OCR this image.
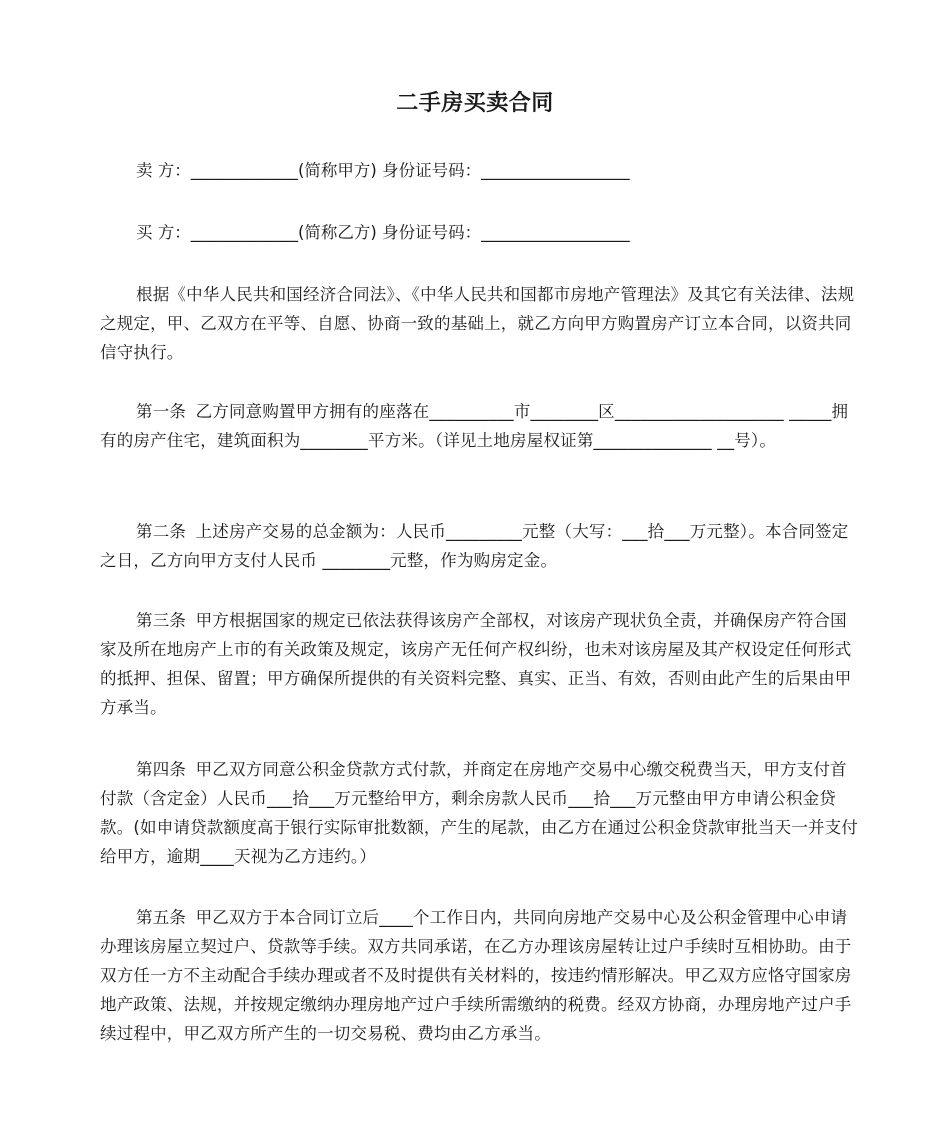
二手房买卖合同

卖 方：_____________(简称甲方) 身份证号码：__________________

买 方：_____________(简称乙方) 身份证号码：__________________

根据《中华人民共和国经济合同法》、《中华人民共和国都市房地产管理法》及其它有关法律、法规之规定，甲、乙双方在平等、自愿、协商一致的基础上，就乙方向甲方购置房产订立本合同，以资共同信守执行。

第一条 乙方同意购置甲方拥有的座落在__________市________区____________________ _____拥有的房产住宅，建筑面积为________平方米。（详见土地房屋权证第______________ __号）。

第二条 上述房产交易的总金额为：人民币_________元整（大写：___拾___万元整）。本合同签定之日，乙方向甲方支付人民币 ________元整，作为购房定金。

第三条 甲方根据国家的规定已依法获得该房产全部权，对该房产现状负全责，并确保房产符合国家及所在地房产上市的有关政策及规定，该房产无任何产权纠纷，也未对该房屋及其产权设定任何形式的抵押、担保、留置；甲方确保所提供的有关资料完整、真实、正当、有效，否则由此产生的后果由甲方承当。

第四条 甲乙双方同意公积金贷款方式付款，并商定在房地产交易中心缴交税费当天，甲方支付首付款（含定金）人民币___拾___万元整给甲方，剩余房款人民币___拾___万元整由甲方申请公积金贷款。(如申请贷款额度高于银行实际审批数额，产生的尾款，由乙方在通过公积金贷款审批当天一并支付给甲方，逾期____天视为乙方违约。）

第五条 甲乙双方于本合同订立后____个工作日内，共同向房地产交易中心及公积金管理中心申请办理该房屋立契过户、贷款等手续。双方共同承诺，在乙方办理该房屋转让过户手续时互相协助。由于双方任一方不主动配合手续办理或者不及时提供有关材料的，按违约情形解决。甲乙双方应恪守国家房地产政策、法规，并按规定缴纳办理房地产过户手续所需缴纳的税费。经双方协商，办理房地产过户手续过程中，甲乙双方所产生的一切交易税、费均由乙方承当。
